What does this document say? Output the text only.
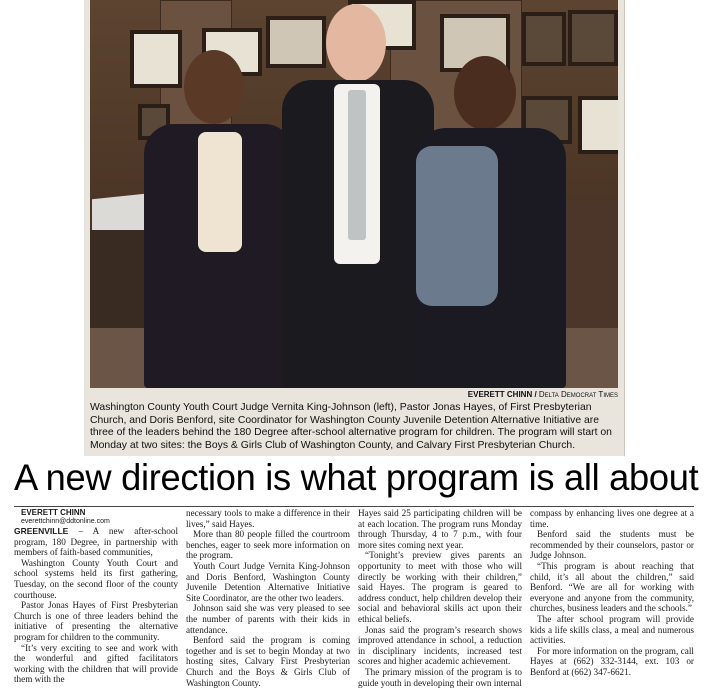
EVERETT CHINN / Delta Democrat Times
Washington County Youth Court Judge Vernita King-Johnson (left), Pastor Jonas Hayes, of First Presbyterian Church, and Doris Benford, site Coordinator for Washington County Juvenile Detention Alternative Initiative are three of the leaders behind the 180 Degree after-school alternative program for children. The program will start on Monday at two sites: the Boys & Girls Club of Washington County, and Calvary First Presbyterian Church.
A new direction is what program is all about

EVERETT CHINN

everettchinn@ddtonline.com

GREENVILLE – A new after-school program, 180 Degree, in partnership with members of faith-based communities,

Washington County Youth Court and school systems held its first gathering, Tuesday, on the second floor of the county courthouse.

Pastor Jonas Hayes of First Presbyterian Church is one of three leaders behind the initiative of presenting the alternative program for children to the community.

“It’s very exciting to see and work with the wonderful and gifted facilitators working with the children that will provide them with the

necessary tools to make a difference in their lives,” said Hayes.

More than 80 people filled the courtroom benches, eager to seek more information on the program.

Youth Court Judge Vernita King-Johnson and Doris Benford, Washington County Juvenile Detention Alternative Initiative Site Coordinator, are the other two leaders.

Johnson said she was very pleased to see the number of parents with their kids in attendance.

Benford said the program is coming together and is set to begin Monday at two hosting sites, Calvary First Presbyterian Church and the Boys & Girls Club of Washington County.

Hayes said 25 participating children will be at each location. The program runs Monday through Thursday, 4 to 7 p.m., with four more sites coming next year.

“Tonight’s preview gives parents an opportunity to meet with those who will directly be working with their children,” said Hayes. The program is geared to address conduct, help children develop their social and behavioral skills act upon their ethical beliefs.

Jonas said the program’s research shows improved attendance in school, a reduction in disciplinary incidents, increased test scores and higher academic achievement.

The primary mission of the program is to guide youth in developing their own internal

compass by enhancing lives one degree at a time.

Benford said the students must be recommended by their counselors, pastor or Judge Johnson.

“This program is about reaching that child, it’s all about the children,” said Benford. “We are all for working with everyone and anyone from the community, churches, business leaders and the schools.”

The after school program will provide kids a life skills class, a meal and numerous activities.

For more information on the program, call Hayes at (662) 332-3144, ext. 103 or Benford at (662) 347-6621.
